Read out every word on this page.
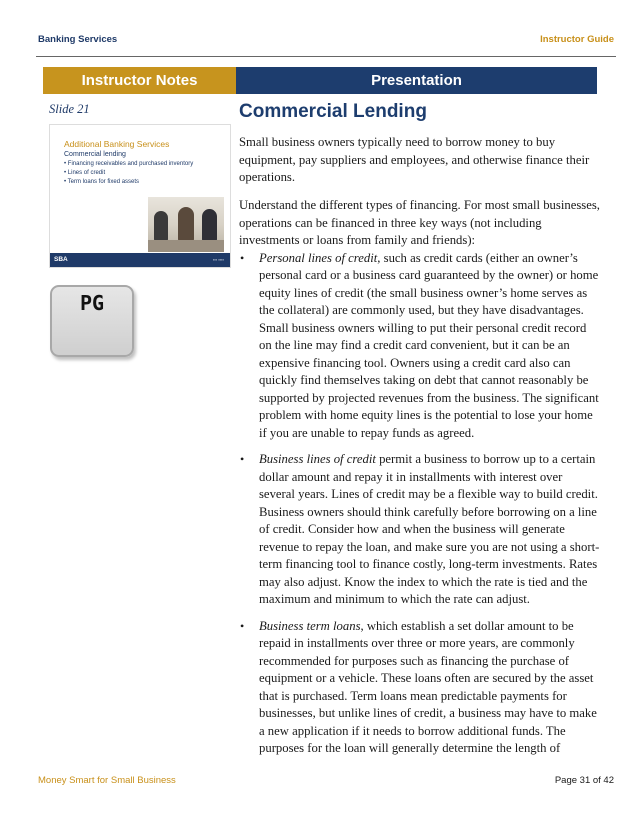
Banking Services	Instructor Guide
Instructor Notes	Presentation
Slide 21
Additional Banking Services
Commercial lending
• Financing receivables and purchased inventory
• Lines of credit
• Term loans for fixed assets
SBA	▪▪▪ ▪▪▪▪
PG
Commercial Lending

Small business owners typically need to borrow money to buy equipment, pay suppliers and employees, and otherwise finance their operations.

Understand the different types of financing. For most small businesses, operations can be financed in three key ways (not including investments or loans from family and friends):

• Personal lines of credit, such as credit cards (either an owner’s personal card or a business card guaranteed by the owner) or home equity lines of credit (the small business owner’s home serves as the collateral) are commonly used, but they have disadvantages. Small business owners willing to put their personal credit record on the line may find a credit card convenient, but it can be an expensive financing tool. Owners using a credit card also can quickly find themselves taking on debt that cannot reasonably be supported by projected revenues from the business. The significant problem with home equity lines is the potential to lose your home if you are unable to repay funds as agreed.
• Business lines of credit permit a business to borrow up to a certain dollar amount and repay it in installments with interest over several years. Lines of credit may be a flexible way to build credit. Business owners should think carefully before borrowing on a line of credit. Consider how and when the business will generate revenue to repay the loan, and make sure you are not using a short-term financing tool to finance costly, long-term investments. Rates may also adjust. Know the index to which the rate is tied and the maximum and minimum to which the rate can adjust.
• Business term loans, which establish a set dollar amount to be repaid in installments over three or more years, are commonly recommended for purposes such as financing the purchase of equipment or a vehicle. These loans often are secured by the asset that is purchased. Term loans mean predictable payments for businesses, but unlike lines of credit, a business may have to make a new application if it needs to borrow additional funds. The purposes for the loan will generally determine the length of
Money Smart for Small Business	Page 31 of 42
